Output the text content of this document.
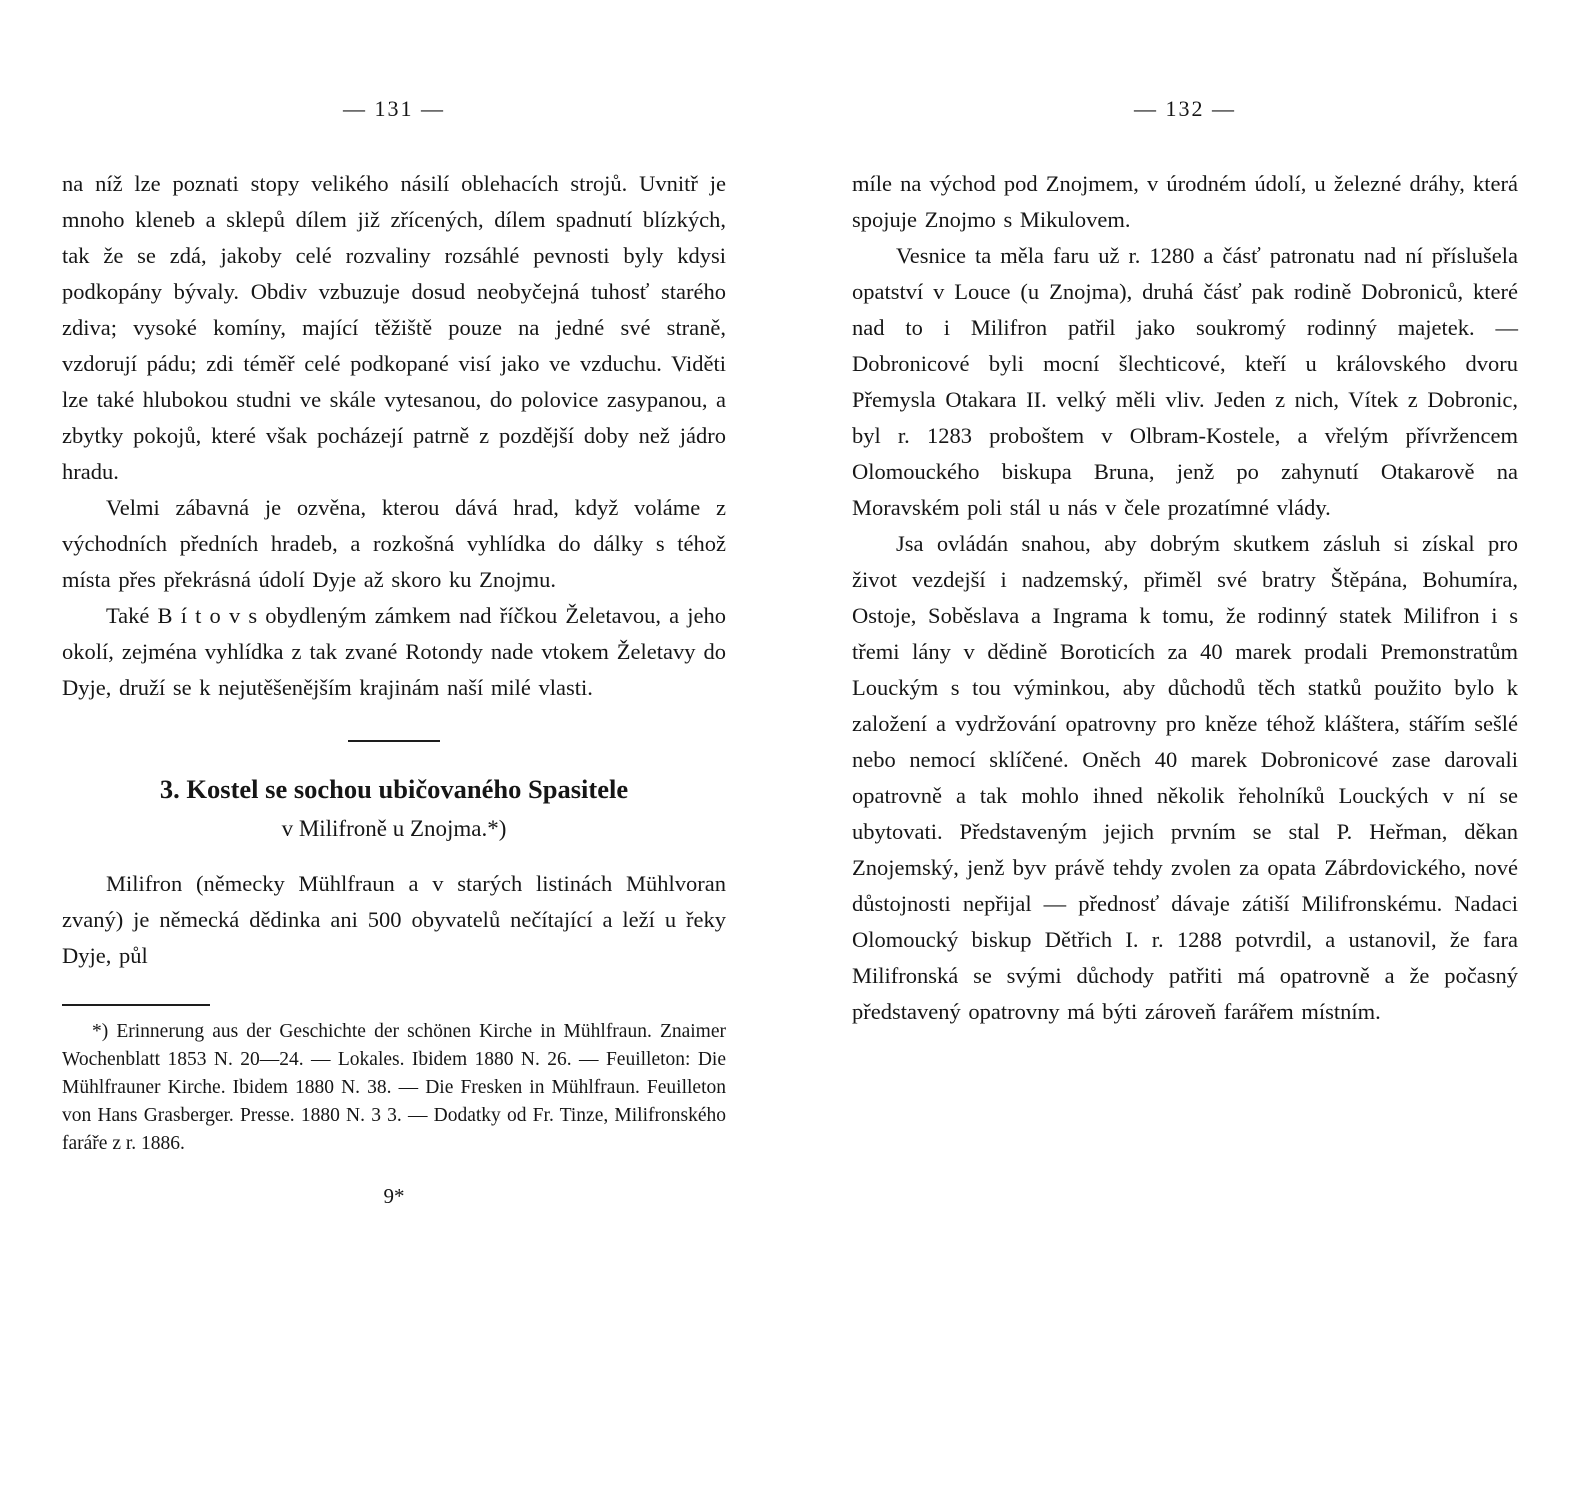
— 131 —

na níž lze poznati stopy velikého násilí oblehacích strojů. Uvnitř je mnoho kleneb a sklepů dílem již zřícených, dílem spadnutí blízkých, tak že se zdá, jakoby celé rozvaliny rozsáhlé pevnosti byly kdysi podkopány bývaly. Obdiv vzbuzuje dosud neobyčejná tuhosť starého zdiva; vysoké komíny, mající těžiště pouze na jedné své straně, vzdorují pádu; zdi téměř celé podkopané visí jako ve vzduchu. Viděti lze také hlubokou studni ve skále vytesanou, do polovice zasypanou, a zbytky pokojů, které však pocházejí patrně z pozdější doby než jádro hradu.

Velmi zábavná je ozvěna, kterou dává hrad, když voláme z východních předních hradeb, a rozkošná vyhlídka do dálky s téhož místa přes překrásná údolí Dyje až skoro ku Znojmu.

Také B í t o v s obydleným zámkem nad říčkou Želetavou, a jeho okolí, zejména vyhlídka z tak zvané Rotondy nade vtokem Želetavy do Dyje, druží se k nejutěšenějším krajinám naší milé vlasti.

3. Kostel se sochou ubičovaného Spasitele
v Milifroně u Znojma.*)

Milifron (německy Mühlfraun a v starých listinách Mühlvoran zvaný) je německá dědinka ani 500 obyvatelů nečítající a leží u řeky Dyje, půl

*) Erinnerung aus der Geschichte der schönen Kirche in Mühlfraun. Znaimer Wochenblatt 1853 N. 20—24. — Lokales. Ibidem 1880 N. 26. — Feuilleton: Die Mühlfrauner Kirche. Ibidem 1880 N. 38. — Die Fresken in Mühlfraun. Feuilleton von Hans Grasberger. Presse. 1880 N. 3 3. — Dodatky od Fr. Tinze, Milifronského faráře z r. 1886.

9*
— 132 —

míle na východ pod Znojmem, v úrodném údolí, u železné dráhy, která spojuje Znojmo s Mikulovem.

Vesnice ta měla faru už r. 1280 a čásť patronatu nad ní příslušela opatství v Louce (u Znojma), druhá čásť pak rodině Dobroniců, které nad to i Milifron patřil jako soukromý rodinný majetek. — Dobronicové byli mocní šlechticové, kteří u královského dvoru Přemysla Otakara II. velký měli vliv. Jeden z nich, Vítek z Dobronic, byl r. 1283 proboštem v Olbram-Kostele, a vřelým přívržencem Olomouckého biskupa Bruna, jenž po zahynutí Otakarově na Moravském poli stál u nás v čele prozatímné vlády.

Jsa ovládán snahou, aby dobrým skutkem zásluh si získal pro život vezdejší i nadzemský, přiměl své bratry Štěpána, Bohumíra, Ostoje, Soběslava a Ingrama k tomu, že rodinný statek Milifron i s třemi lány v dědině Boroticích za 40 marek prodali Premonstratům Louckým s tou výminkou, aby důchodů těch statků použito bylo k založení a vydržování opatrovny pro kněze téhož kláštera, stářím sešlé nebo nemocí sklíčené. Oněch 40 marek Dobronicové zase darovali opatrovně a tak mohlo ihned několik řeholníků Louckých v ní se ubytovati. Představeným jejich prvním se stal P. Heřman, děkan Znojemský, jenž byv právě tehdy zvolen za opata Zábrdovického, nové důstojnosti nepřijal — přednosť dávaje zátiší Milifronskému. Nadaci Olomoucký biskup Dětřich I. r. 1288 potvrdil, a ustanovil, že fara Milifronská se svými důchody patřiti má opatrovně a že počasný představený opatrovny má býti zároveň farářem místním.
